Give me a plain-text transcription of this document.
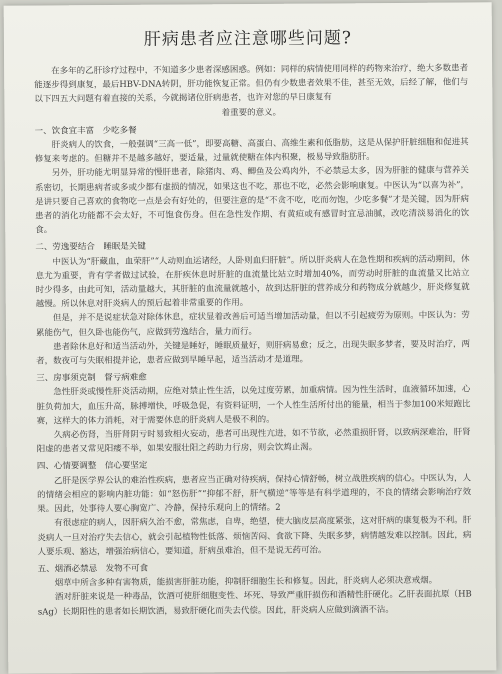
肝病患者应注意哪些问题?

在多年的乙肝诊疗过程中，不知道多少患者深感困惑。例如：同样的病情使用同样的药物来治疗，绝大多数患者能逐步得到康复，最后HBV-DNA转阴，肝功能恢复正常。但仍有少数患者效果不佳，甚至无效，后经了解，他们与以下四五大问题有着直接的关系，今就揭诸位肝病患者，也许对您的早日康复有

着重要的意义。

一、饮食宜丰富　少吃多餐

肝炎病人的饮食，一般强调“三高一低”，即要高糖、高蛋白、高维生素和低脂肪，这是从保护肝脏细胞和促进其修复来考虑的。但糖并不是越多越好，要适量，过量就使糖在体内积聚，极易导致脂肪肝。

另外，肝功能尤明显异常的慢肝患者，除猪肉、鸡、鲫鱼及公鸡肉外，不必禁忌太多，因为肝脏的健康与营养关系密切，长期患病者或多或少都有虚损的情况，如果这也不吃，那也不吃，必然会影响康复。中医认为“以喜为补”，是讲只要自己喜欢的食物吃一点是会有好处的，但要注意的是“不贪不吃，吃而勿饱，少吃多餐”才是关键，因为肝病患者的消化功能都不会太好，不可饱食伤身。但在急性发作期、有黄疸或有感冒时宜忌油腻，改吃清淡易消化的饮食。

二、劳逸要结合　睡眠是关键

中医认为“肝藏血，血荣肝”“人动则血运诸经，人卧则血归肝脏”。所以肝炎病人在急性期和疾病的活动期间，休息尤为重要，肯有学者做过试验，在肝疾休息时肝脏的血流量比站立时增加40%，而劳动时肝脏的血流量又比站立时少得多，由此可知，活动量越大，其肝脏的血流量就越小，故到达肝脏的营养成分和药物成分就越少，肝炎修复就越慢。所以休息对肝炎病人的预后起着非常重要的作用。

但是，并不是说症状急对除体休息，症状显着改善后可适当增加活动量，但以不引起疲劳为原则。中医认为：劳累能伤气，但久卧也能伤气，应做到劳逸结合，量力而行。

患者除休息好和适当活动外，关键是睡好，睡眠质量好，则肝病易愈；反之，出现失眠多梦者，要及时治疗，两者，数夜可与失眠相提并论，患者应做到早睡早起，适当活动才是道理。

三、房事须克制　督亏病难愈

急性肝炎或慢性肝炎活动期，应绝对禁止性生活，以免过度劳累，加重病情。因为性生活时，血液循环加速，心脏负荷加大，血压升高，脉搏增快，呼吸急促，有资料证明，一个人性生活所付出的能量，相当于参加100米短跑比赛，这样大的体力消耗，对于需要休息的肝炎病人是极不利的。

久病必伤肾，当肝肾阴亏时易致相火妄动，患者可出现性亢进，如不节欲，必然重损肝肾，以致病深难治，肝肾阳虚的患者又常见阳痿不举，如果安服壮阳之药助力行房，则会饮鸩止渴。

四、心情要调整　信心要坚定

乙肝是医学界公认的难治性疾病，患者应当正确对待疾病，保持心情舒畅，树立战胜疾病的信心。中医认为，人的情绪会相应的影响内脏功能：如“怒伤肝”“抑郁不舒，肝气横逆”等等是有科学道理的，不良的情绪会影响治疗效果。因此，处事待人要心胸宽广、冷静，保持乐观向上的情绪。2

有很虑症的病人，因肝病久治不愈，常焦虑，自卑，绝望，使大脑皮层高度紧张，这对肝病的康复极为不利。肝炎病人一旦对治疗失去信心，就会引起植物性低落、烦恼苦闷、食欲下降、失眠多梦，病情越发难以控制。因此，病人要乐观、豁达，增强治病信心，要知道，肝病虽难治，但不是说无药可治。

五、烟酒必禁忌　发物不可食

烟草中所含多种有害物质，能损害肝脏功能，抑制肝细胞生长和修复。因此，肝炎病人必须决意戒烟。

酒对肝脏来说是一种毒品，饮酒可使肝细胞变性、坏死、导致严重肝损伤和酒精性肝硬化。乙肝表面抗原（HBsAg）长期阳性的患者如长期饮酒，易致肝硬化而失去代偿。因此，肝炎病人应做到滴酒不沾。
